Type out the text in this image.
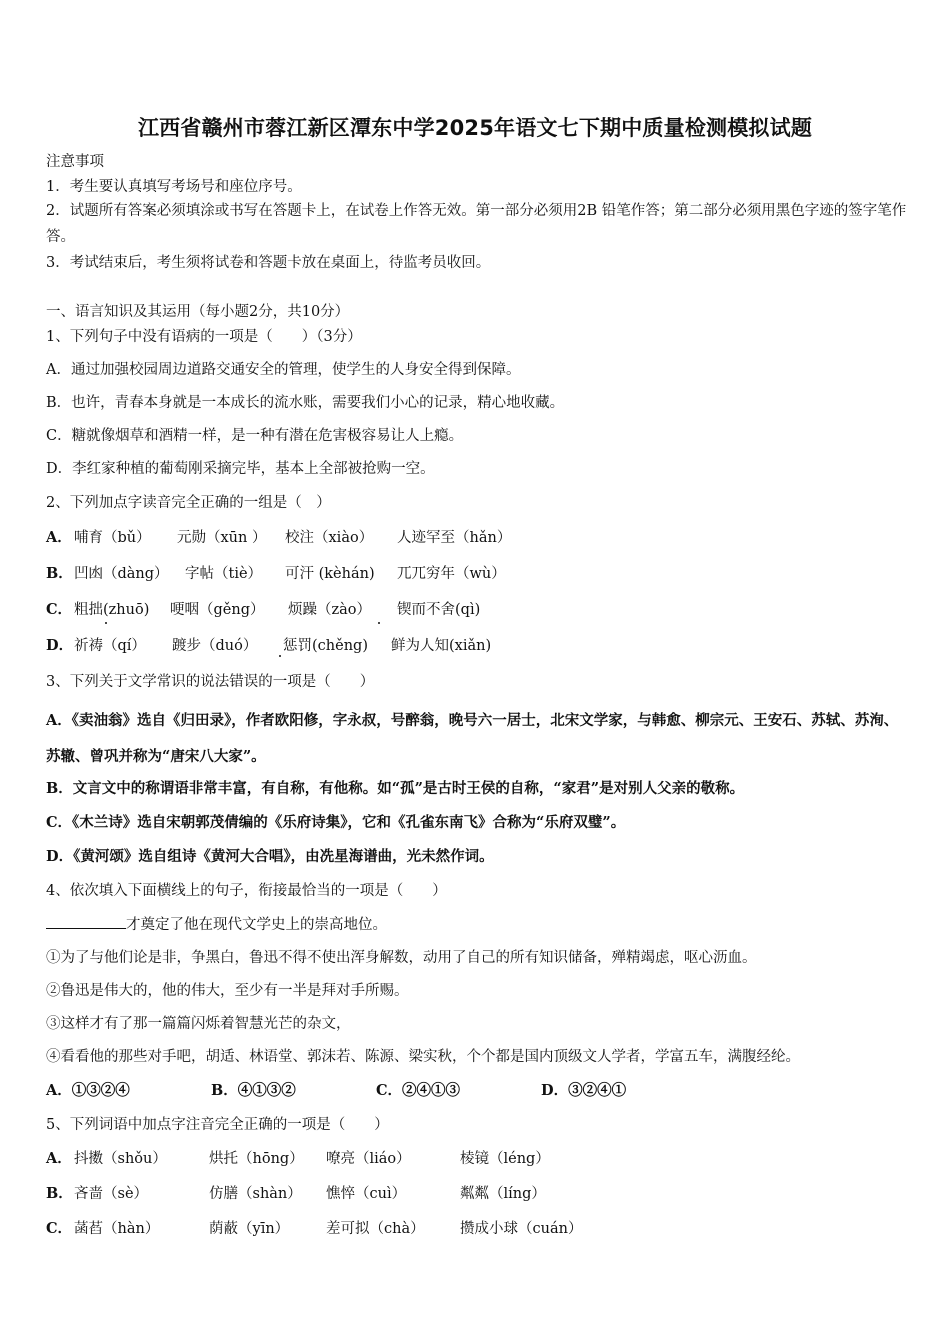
江西省赣州市蓉江新区潭东中学2025年语文七下期中质量检测模拟试题
注意事项
1．考生要认真填写考场号和座位序号。
2．试题所有答案必须填涂或书写在答题卡上，在试卷上作答无效。第一部分必须用2B 铅笔作答；第二部分必须用黑色字迹的签字笔作答。
3．考试结束后，考生须将试卷和答题卡放在桌面上，待监考员收回。
一、语言知识及其运用（每小题2分，共10分）
1、下列句子中没有语病的一项是（　　）（3分）
A．通过加强校园周边道路交通安全的管理，使学生的人身安全得到保障。
B．也许，青春本身就是一本成长的流水账，需要我们小心的记录，精心地收藏。
C．糖就像烟草和酒精一样，是一种有潜在危害极容易让人上瘾。
D．李红家种植的葡萄刚采摘完毕，基本上全部被抢购一空。
2、下列加点字读音完全正确的一组是（　）
A． 哺育（bǔ） 元勋（xūn ） 校注（xiào） 人迹罕至（hǎn）
B． 凹凼（dàng） 字帖（tiè） 可汗 (kèhán) 兀兀穷年（wù）
C． 粗拙(zhuō) 哽咽（gěng） 烦躁（zào） 锲而不舍(qì)
D． 祈祷（qí） 踱步（duó） 惩罚(chěng) 鲜为人知(xiǎn)
3、下列关于文学常识的说法错误的一项是（　　）
A．《卖油翁》选自《归田录》，作者欧阳修，字永叔，号醉翁，晚号六一居士，北宋文学家，与韩愈、柳宗元、王安石、苏轼、苏洵、苏辙、曾巩并称为“唐宋八大家”。
B．文言文中的称谓语非常丰富，有自称，有他称。如“孤”是古时王侯的自称，“家君”是对别人父亲的敬称。
C．《木兰诗》选自宋朝郭茂倩编的《乐府诗集》，它和《孔雀东南飞》合称为“乐府双璧”。
D．《黄河颂》选自组诗《黄河大合唱》，由冼星海谱曲，光未然作词。
4、依次填入下面横线上的句子，衔接最恰当的一项是（　　）
才奠定了他在现代文学史上的崇高地位。
①为了与他们论是非，争黑白，鲁迅不得不使出浑身解数，动用了自己的所有知识储备，殚精竭虑，呕心沥血。
②鲁迅是伟大的，他的伟大，至少有一半是拜对手所赐。
③这样才有了那一篇篇闪烁着智慧光芒的杂文，
④看看他的那些对手吧，胡适、林语堂、郭沫若、陈源、梁实秋，个个都是国内顶级文人学者，学富五车，满腹经纶。
A．①③②④	B．④①③②	C．②④①③	D．③②④①
5、下列词语中加点字注音完全正确的一项是（　　）
A． 抖擞（shǒu）	烘托（hōng） 嘹亮（liáo）	棱镜（léng）
B． 吝啬（sè）	仿膳（shàn） 憔悴（cuì）	粼粼（líng）
C． 菡萏（hàn）	荫蔽（yīn）	差可拟（chà） 攒成小球（cuán）
